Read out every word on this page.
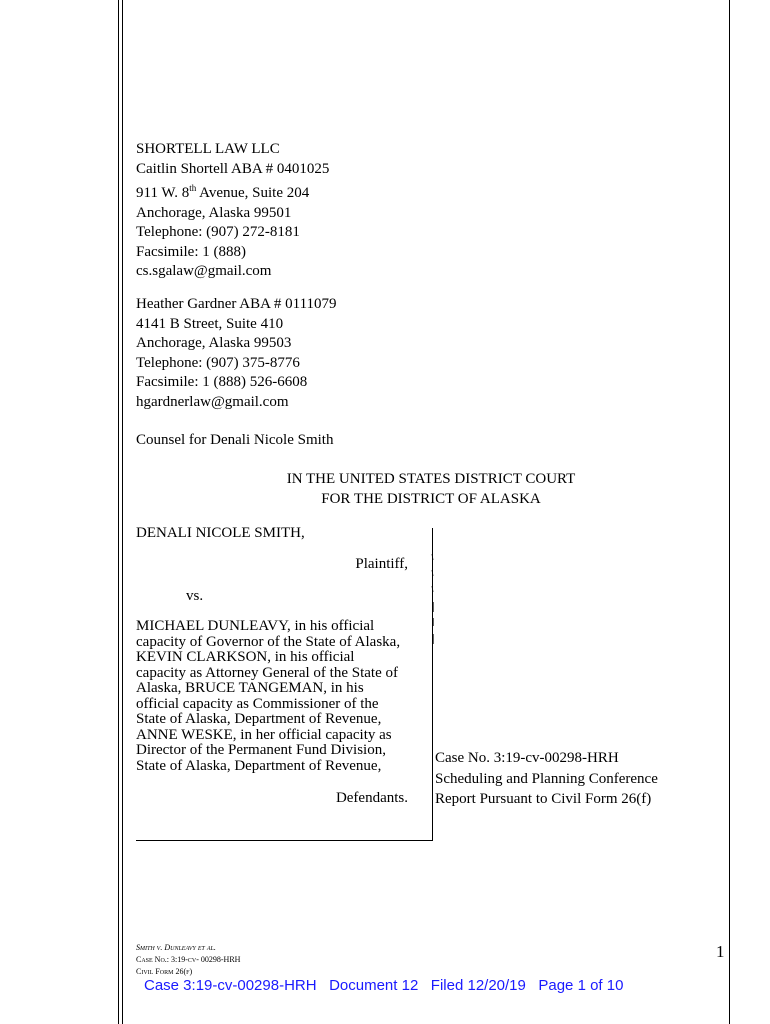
SHORTELL LAW LLC
Caitlin Shortell ABA # 0401025
911 W. 8th Avenue, Suite 204
Anchorage, Alaska 99501
Telephone: (907) 272-8181
Facsimile: 1 (888)
cs.sgalaw@gmail.com
Heather Gardner ABA # 0111079
4141 B Street, Suite 410
Anchorage, Alaska 99503
Telephone: (907) 375-8776
Facsimile: 1 (888) 526-6608
hgardnerlaw@gmail.com
Counsel for Denali Nicole Smith
IN THE UNITED STATES DISTRICT COURT
FOR THE DISTRICT OF ALASKA
DENALI NICOLE SMITH,
Plaintiff,
vs.
MICHAEL DUNLEAVY, in his official
capacity of Governor of the State of Alaska,
KEVIN CLARKSON, in his official
capacity as Attorney General of the State of
Alaska, BRUCE TANGEMAN, in his
official capacity as Commissioner of the
State of Alaska, Department of Revenue,
ANNE WESKE, in her official capacity as
Director of the Permanent Fund Division,
State of Alaska, Department of Revenue,
Defendants.
Case No. 3:19-cv-00298-HRH
Scheduling and Planning Conference
Report Pursuant to Civil Form 26(f)
Smith v. Dunleavy et al.
Case No.: 3:19-cv- 00298-HRH
Civil Form 26(f)
1
Case 3:19-cv-00298-HRH   Document 12   Filed 12/20/19   Page 1 of 10
